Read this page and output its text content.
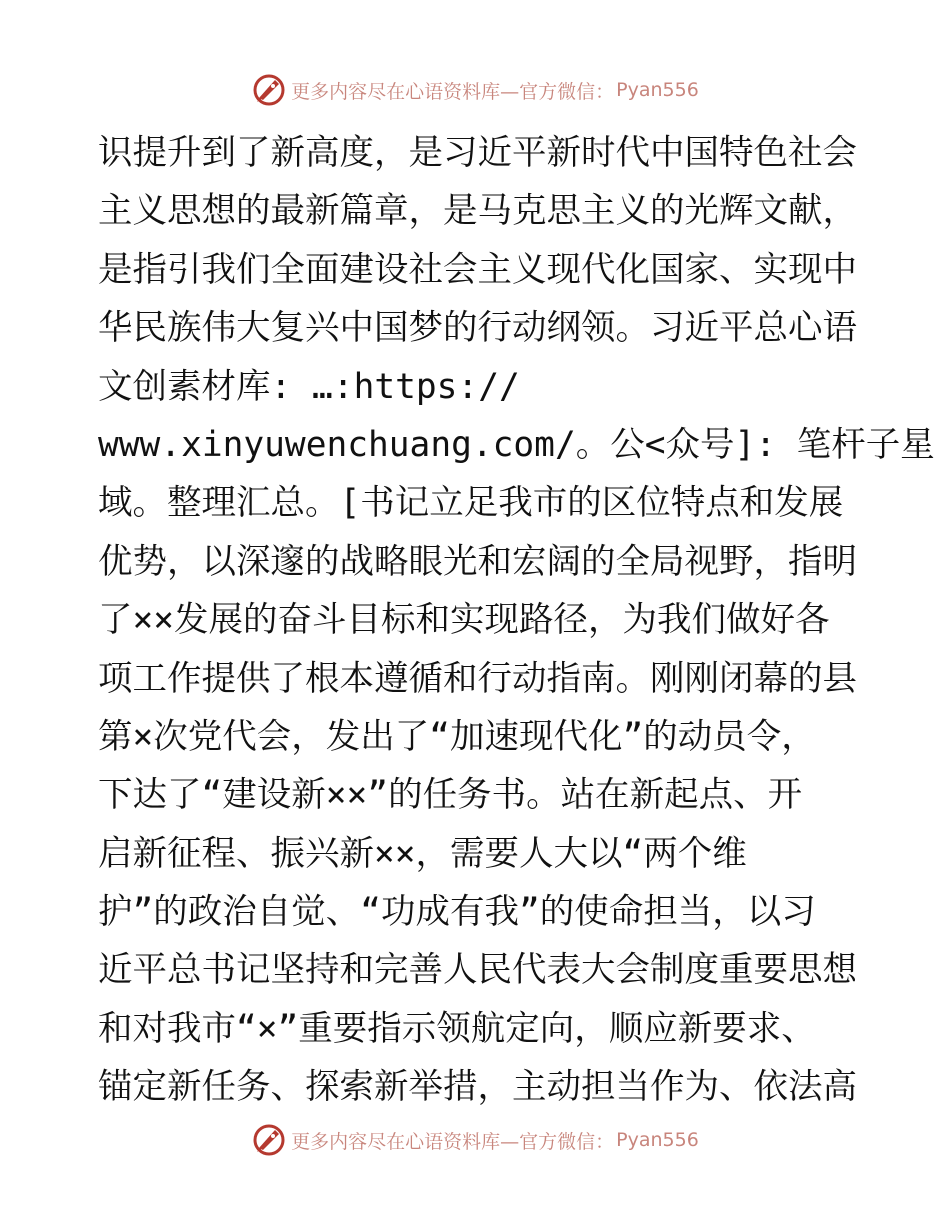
更多内容尽在心语资料库—官方微信： Pyan556
识提升到了新高度，是习近平新时代中国特色社会
主义思想的最新篇章，是马克思主义的光辉文献，
是指引我们全面建设社会主义现代化国家、实现中
华民族伟大复兴中国梦的行动纲领。习近平总心语
文创素材库: …:https://
www.xinyuwenchuang.com/。公<众号]: 笔杆子星
域。整理汇总。[书记立足我市的区位特点和发展
优势，以深邃的战略眼光和宏阔的全局视野，指明
了××发展的奋斗目标和实现路径，为我们做好各
项工作提供了根本遵循和行动指南。刚刚闭幕的县
第×次党代会，发出了“加速现代化”的动员令，
下达了“建设新××”的任务书。站在新起点、开
启新征程、振兴新××，需要人大以“两个维
护”的政治自觉、“功成有我”的使命担当，以习
近平总书记坚持和完善人民代表大会制度重要思想
和对我市“×”重要指示领航定向，顺应新要求、
锚定新任务、探索新举措，主动担当作为、依法高
更多内容尽在心语资料库—官方微信： Pyan556
